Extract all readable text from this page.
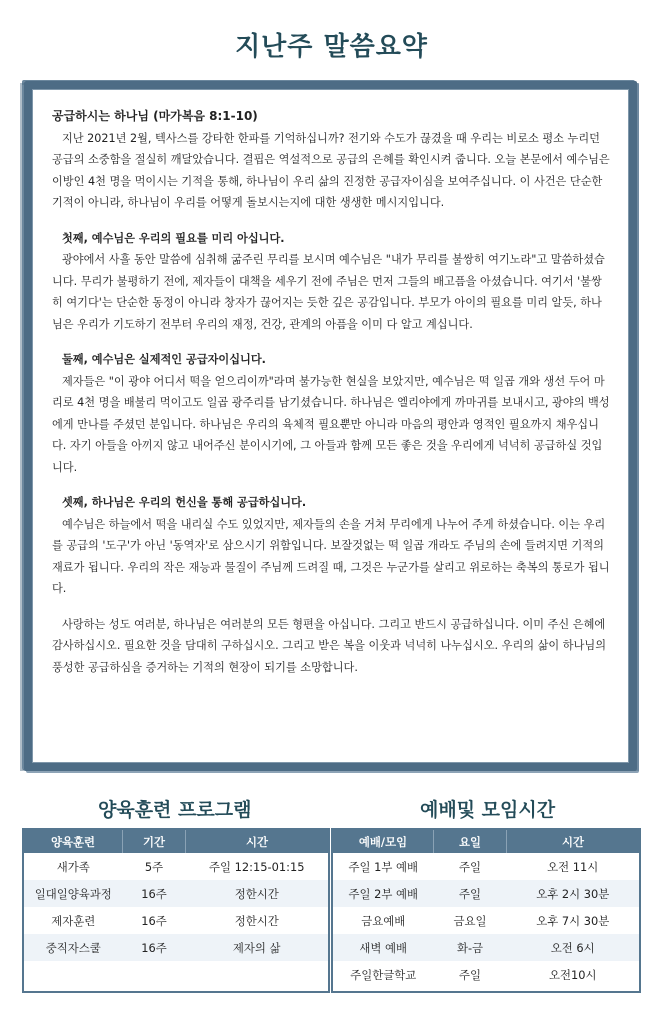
지난주 말씀요약

공급하시는 하나님 (마가복음 8:1-10)

지난 2021년 2월, 텍사스를 강타한 한파를 기억하십니까? 전기와 수도가 끊겼을 때 우리는 비로소 평소 누리던 공급의 소중함을 절실히 깨달았습니다. 결핍은 역설적으로 공급의 은혜를 확인시켜 줍니다. 오늘 본문에서 예수님은 이방인 4천 명을 먹이시는 기적을 통해, 하나님이 우리 삶의 진정한 공급자이심을 보여주십니다. 이 사건은 단순한 기적이 아니라, 하나님이 우리를 어떻게 돌보시는지에 대한 생생한 메시지입니다.

첫째, 예수님은 우리의 필요를 미리 아십니다.

광야에서 사흘 동안 말씀에 심취해 굶주린 무리를 보시며 예수님은 "내가 무리를 불쌍히 여기노라"고 말씀하셨습니다. 무리가 불평하기 전에, 제자들이 대책을 세우기 전에 주님은 먼저 그들의 배고픔을 아셨습니다. 여기서 '불쌍히 여기다'는 단순한 동정이 아니라 창자가 끊어지는 듯한 깊은 공감입니다. 부모가 아이의 필요를 미리 알듯, 하나님은 우리가 기도하기 전부터 우리의 재정, 건강, 관계의 아픔을 이미 다 알고 계십니다.

둘째, 예수님은 실제적인 공급자이십니다.

제자들은 "이 광야 어디서 떡을 얻으리이까"라며 불가능한 현실을 보았지만, 예수님은 떡 일곱 개와 생선 두어 마리로 4천 명을 배불리 먹이고도 일곱 광주리를 남기셨습니다. 하나님은 엘리야에게 까마귀를 보내시고, 광야의 백성에게 만나를 주셨던 분입니다. 하나님은 우리의 육체적 필요뿐만 아니라 마음의 평안과 영적인 필요까지 채우십니다. 자기 아들을 아끼지 않고 내어주신 분이시기에, 그 아들과 함께 모든 좋은 것을 우리에게 넉넉히 공급하실 것입니다.

셋째, 하나님은 우리의 헌신을 통해 공급하십니다.

예수님은 하늘에서 떡을 내리실 수도 있었지만, 제자들의 손을 거쳐 무리에게 나누어 주게 하셨습니다. 이는 우리를 공급의 '도구'가 아닌 '동역자'로 삼으시기 위함입니다. 보잘것없는 떡 일곱 개라도 주님의 손에 들려지면 기적의 재료가 됩니다. 우리의 작은 재능과 물질이 주님께 드려질 때, 그것은 누군가를 살리고 위로하는 축복의 통로가 됩니다.

사랑하는 성도 여러분, 하나님은 여러분의 모든 형편을 아십니다. 그리고 반드시 공급하십니다. 이미 주신 은혜에 감사하십시오. 필요한 것을 담대히 구하십시오. 그리고 받은 복을 이웃과 넉넉히 나누십시오. 우리의 삶이 하나님의 풍성한 공급하심을 증거하는 기적의 현장이 되기를 소망합니다.

양육훈련 프로그램	예배및 모임시간
양육훈련	기간	시간
새가족	5주	주일 12:15-01:15
일대일양육과정	16주	정한시간
제자훈련	16주	정한시간
중직자스쿨	16주	제자의 삶
예배/모임	요일	시간
주일 1부 예배	주일	오전 11시
주일 2부 예배	주일	오후 2시 30분
금요예배	금요일	오후 7시 30분
새벽 예배	화-금	오전 6시
주일한글학교	주일	오전10시
